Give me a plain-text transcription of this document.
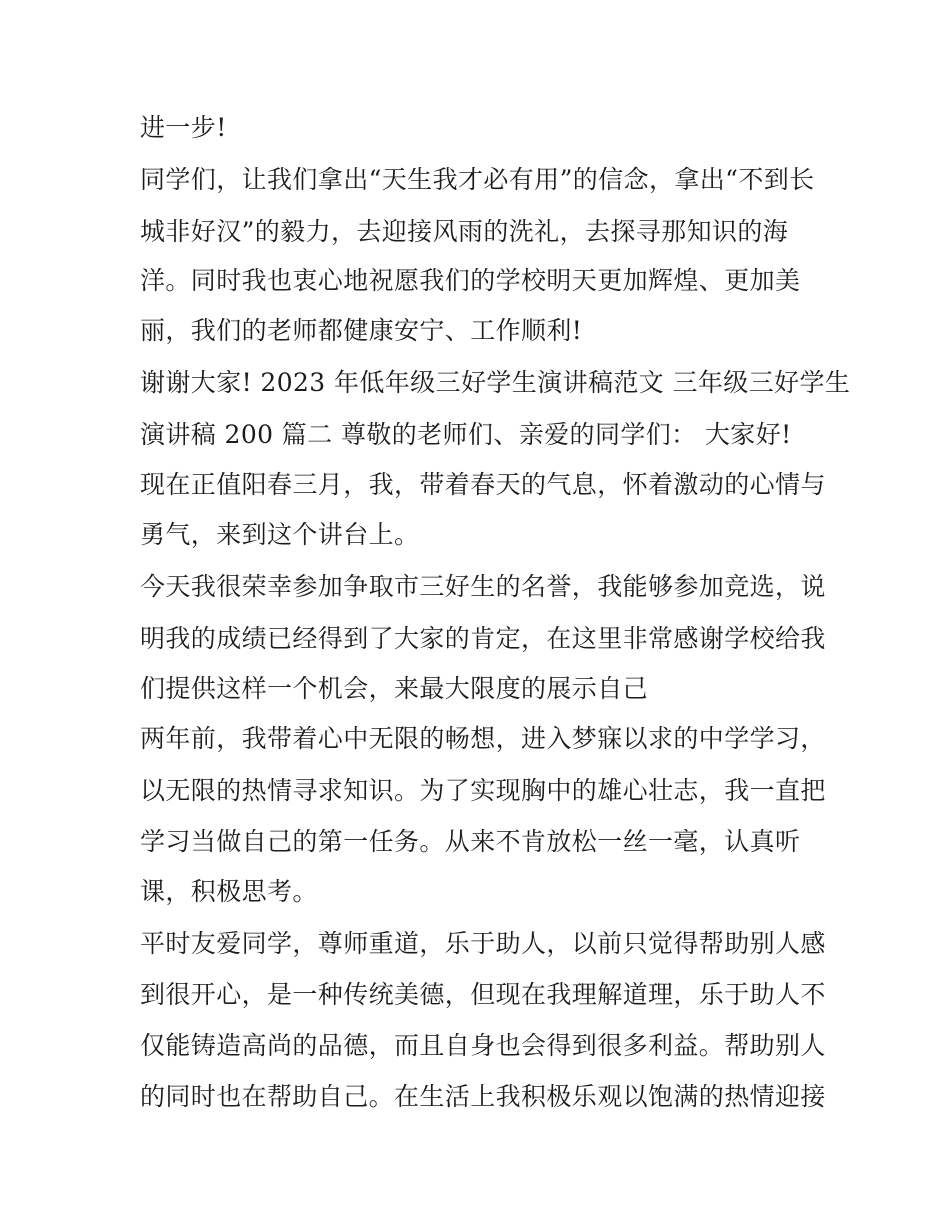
进一步!
同学们，让我们拿出“天生我才必有用”的信念，拿出“不到长
城非好汉”的毅力，去迎接风雨的洗礼，去探寻那知识的海
洋。同时我也衷心地祝愿我们的学校明天更加辉煌、更加美
丽，我们的老师都健康安宁、工作顺利!
谢谢大家! 2023 年低年级三好学生演讲稿范文 三年级三好学生
演讲稿 200 篇二 尊敬的老师们、亲爱的同学们： 大家好!
现在正值阳春三月，我，带着春天的气息，怀着激动的心情与
勇气，来到这个讲台上。
今天我很荣幸参加争取市三好生的名誉，我能够参加竞选，说
明我的成绩已经得到了大家的肯定，在这里非常感谢学校给我
们提供这样一个机会，来最大限度的展示自己
两年前，我带着心中无限的畅想，进入梦寐以求的中学学习，
以无限的热情寻求知识。为了实现胸中的雄心壮志，我一直把
学习当做自己的第一任务。从来不肯放松一丝一毫，认真听
课，积极思考。
平时友爱同学，尊师重道，乐于助人，以前只觉得帮助别人感
到很开心，是一种传统美德，但现在我理解道理，乐于助人不
仅能铸造高尚的品德，而且自身也会得到很多利益。帮助别人
的同时也在帮助自己。在生活上我积极乐观以饱满的热情迎接
